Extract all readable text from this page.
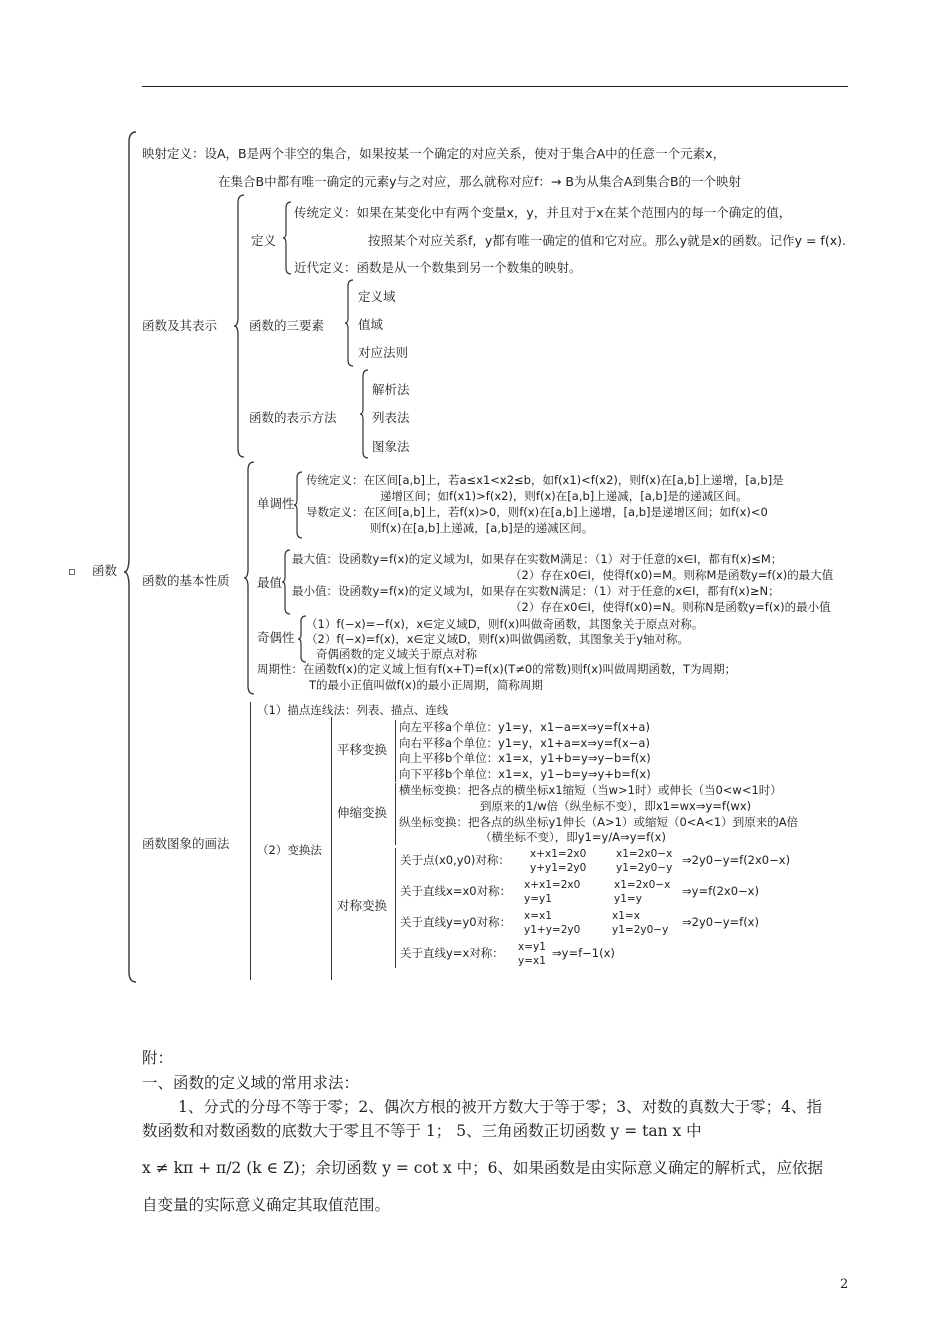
▫ 函数
映射定义：设A，B是两个非空的集合，如果按某一个确定的对应关系，使对于集合A中的任意一个元素x，
在集合B中都有唯一确定的元素y与之对应，那么就称对应f：→ B为从集合A到集合B的一个映射
函数及其表示
函数的基本性质
函数图象的画法
定义
传统定义：如果在某变化中有两个变量x，y，并且对于x在某个范围内的每一个确定的值，
按照某个对应关系f，y都有唯一确定的值和它对应。那么y就是x的函数。记作y = f(x).
近代定义：函数是从一个数集到另一个数集的映射。
函数的三要素
定义域
值域
对应法则
函数的表示方法
解析法
列表法
图象法
单调性
传统定义：在区间[a,b]上，若a≤x1<x2≤b，如f(x1)<f(x2)，则f(x)在[a,b]上递增，[a,b]是
递增区间；如f(x1)>f(x2)，则f(x)在[a,b]上递减，[a,b]是的递减区间。
导数定义：在区间[a,b]上，若f(x)>0，则f(x)在[a,b]上递增，[a,b]是递增区间；如f(x)<0
则f(x)在[a,b]上递减，[a,b]是的递减区间。
最值
最大值：设函数y=f(x)的定义域为I，如果存在实数M满足：（1）对于任意的x∈I，都有f(x)≤M；
（2）存在x0∈I，使得f(x0)=M。则称M是函数y=f(x)的最大值
最小值：设函数y=f(x)的定义域为I，如果存在实数N满足：（1）对于任意的x∈I，都有f(x)≥N；
（2）存在x0∈I，使得f(x0)=N。则称N是函数y=f(x)的最小值
奇偶性
（1）f(−x)=−f(x)，x∈定义域D，则f(x)叫做奇函数，其图象关于原点对称。
（2）f(−x)=f(x)，x∈定义域D，则f(x)叫做偶函数，其图象关于y轴对称。
奇偶函数的定义域关于原点对称
周期性：在函数f(x)的定义域上恒有f(x+T)=f(x)(T≠0的常数)则f(x)叫做周期函数，T为周期；
T的最小正值叫做f(x)的最小正周期，简称周期
（1）描点连线法：列表、描点、连线
（2）变换法
平移变换
向左平移a个单位：y1=y，x1−a=x⇒y=f(x+a)
向右平移a个单位：y1=y，x1+a=x⇒y=f(x−a)
向上平移b个单位：x1=x，y1+b=y⇒y−b=f(x)
向下平移b个单位：x1=x，y1−b=y⇒y+b=f(x)
伸缩变换
横坐标变换：把各点的横坐标x1缩短（当w>1时）或伸长（当0<w<1时）
到原来的1/w倍（纵坐标不变），即x1=wx⇒y=f(wx)
纵坐标变换：把各点的纵坐标y1伸长（A>1）或缩短（0<A<1）到原来的A倍
（横坐标不变），即y1=y/A⇒y=f(x)
对称变换
关于点(x0,y0)对称： x+x1=2x0
y+y1=2y0
x1=2x0−x
y1=2y0−y
⇒2y0−y=f(2x0−x)
关于直线x=x0对称： x+x1=2x0
y=y1
x1=2x0−x
y1=y
⇒y=f(2x0−x)
关于直线y=y0对称： x=x1
y1+y=2y0
x1=x
y1=2y0−y
⇒2y0−y=f(x)
关于直线y=x对称： x=y1
y=x1
⇒y=f−1(x)
附：
一、函数的定义域的常用求法：
1、分式的分母不等于零；2、偶次方根的被开方数大于等于零；3、对数的真数大于零；4、指
数函数和对数函数的底数大于零且不等于 1； 5、三角函数正切函数 y = tan x 中
x ≠ kπ + π/2 (k ∈ Z)；余切函数 y = cot x 中；6、如果函数是由实际意义确定的解析式，应依据
自变量的实际意义确定其取值范围。
2
